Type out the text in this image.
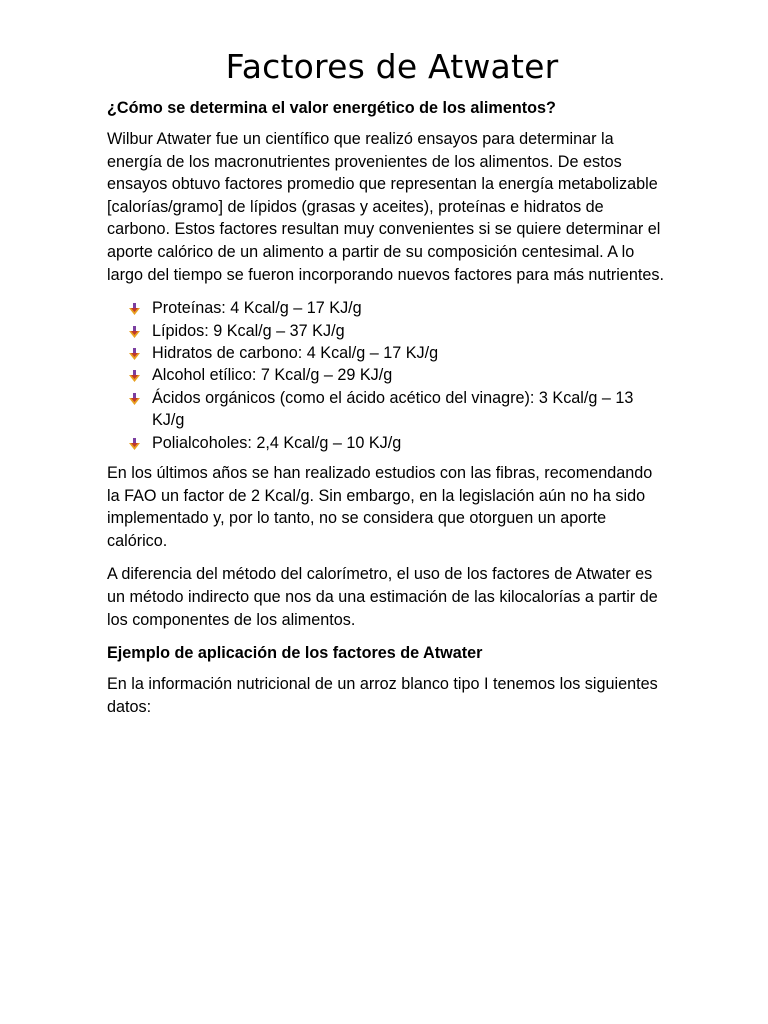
Factores de Atwater
¿Cómo se determina el valor energético de los alimentos?

Wilbur Atwater fue un científico que realizó ensayos para determinar la energía de los macronutrientes provenientes de los alimentos. De estos ensayos obtuvo factores promedio que representan la energía metabolizable [calorías/gramo] de lípidos (grasas y aceites), proteínas e hidratos de carbono. Estos factores resultan muy convenientes si se quiere determinar el aporte calórico de un alimento a partir de su composición centesimal. A lo largo del tiempo se fueron incorporando nuevos factores para más nutrientes.

Proteínas: 4 Kcal/g – 17 KJ/g
Lípidos: 9 Kcal/g – 37 KJ/g
Hidratos de carbono: 4 Kcal/g – 17 KJ/g
Alcohol etílico: 7 Kcal/g – 29 KJ/g
Ácidos orgánicos (como el ácido acético del vinagre): 3 Kcal/g – 13 KJ/g
Polialcoholes: 2,4 Kcal/g – 10 KJ/g

En los últimos años se han realizado estudios con las fibras, recomendando la FAO un factor de 2 Kcal/g. Sin embargo, en la legislación aún no ha sido implementado y, por lo tanto, no se considera que otorguen un aporte calórico.

A diferencia del método del calorímetro, el uso de los factores de Atwater es un método indirecto que nos da una estimación de las kilocalorías a partir de los componentes de los alimentos.

Ejemplo de aplicación de los factores de Atwater

En la información nutricional de un arroz blanco tipo I tenemos los siguientes datos:
